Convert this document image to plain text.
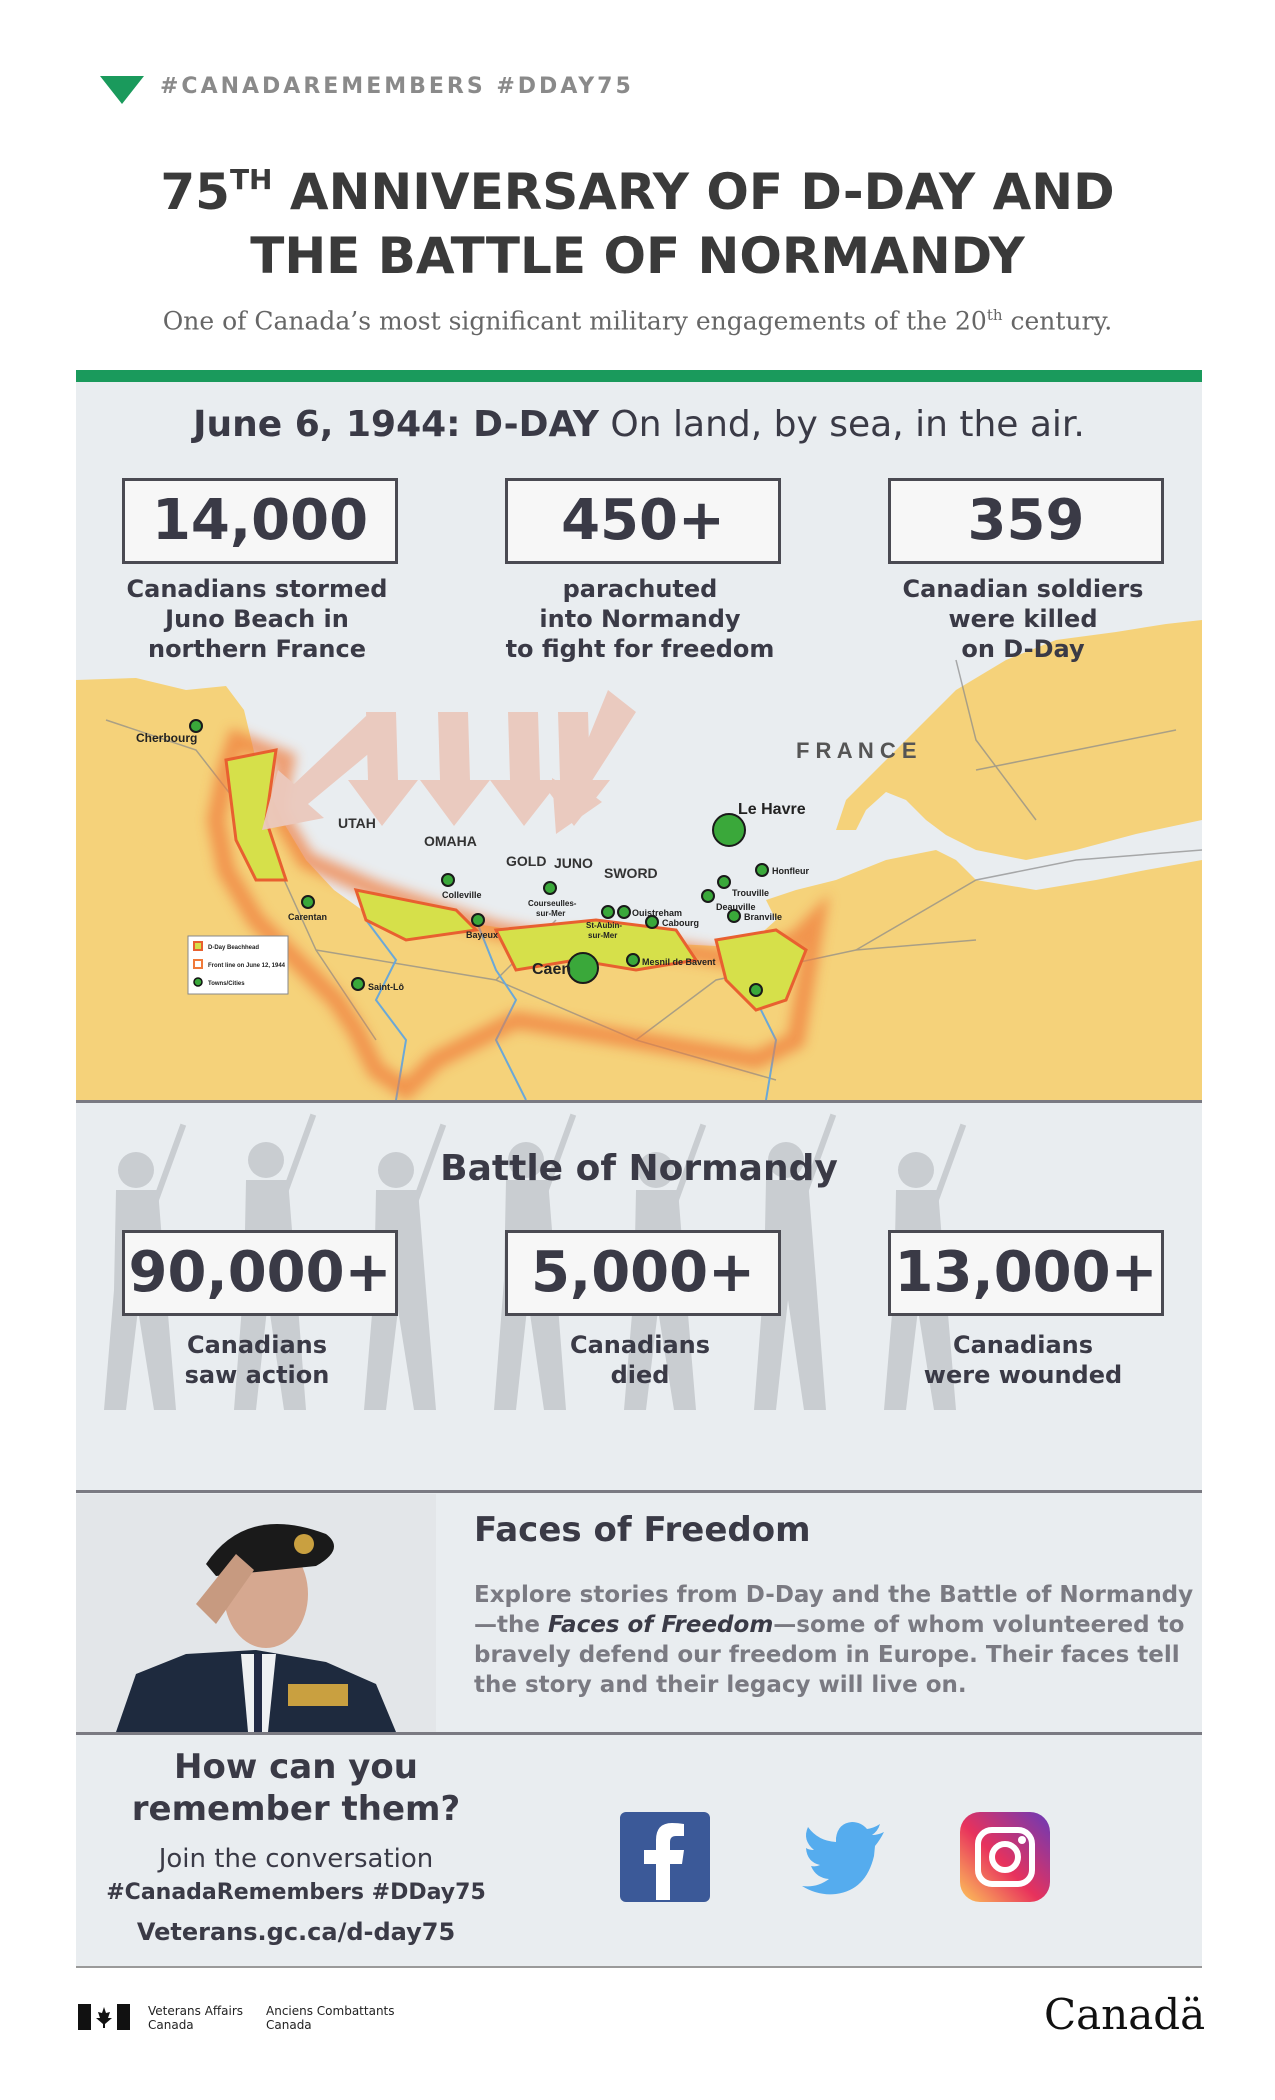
#CANADAREMEMBERS #DDAY75
75TH ANNIVERSARY OF D-DAY AND
THE BATTLE OF NORMANDY
One of Canada’s most significant military engagements of the 20th century.
June 6, 1944: D-DAY On land, by sea, in the air.
14,000	450+	359
UTAH
OMAHA
GOLD JUNO
SWORD
F R A N C E
Cherbourg
Le Havre
Honfleur
Trouville
Deauville
Branville
Colleville
Carentan
Bayeux
Courseulles-
sur-Mer
St-Aubin-
sur-Mer
Ouistreham
Cabourg
Caen	Mesnil de Bavent
Saint-Lô
D-Day Beachhead
Front line on June 12, 1944
Towns/Cities
Canadians stormed
Juno Beach in
northern France
parachuted
into Normandy
to fight for freedom
Canadian soldiers
were killed
on D-Day
Battle of Normandy
90,000+	5,000+	13,000+
Canadians
saw action
Canadians
died
Canadians
were wounded
Faces of Freedom
Explore stories from D-Day and the Battle of Normandy—the Faces of Freedom—some of whom volunteered to bravely defend our freedom in Europe. Their faces tell the story and their legacy will live on.
How can you
remember them?
Join the conversation
#CanadaRemembers #DDay75
Veterans.gc.ca/d-day75
Veterans Affairs
Canada
Anciens Combattants
Canada	Canadä
